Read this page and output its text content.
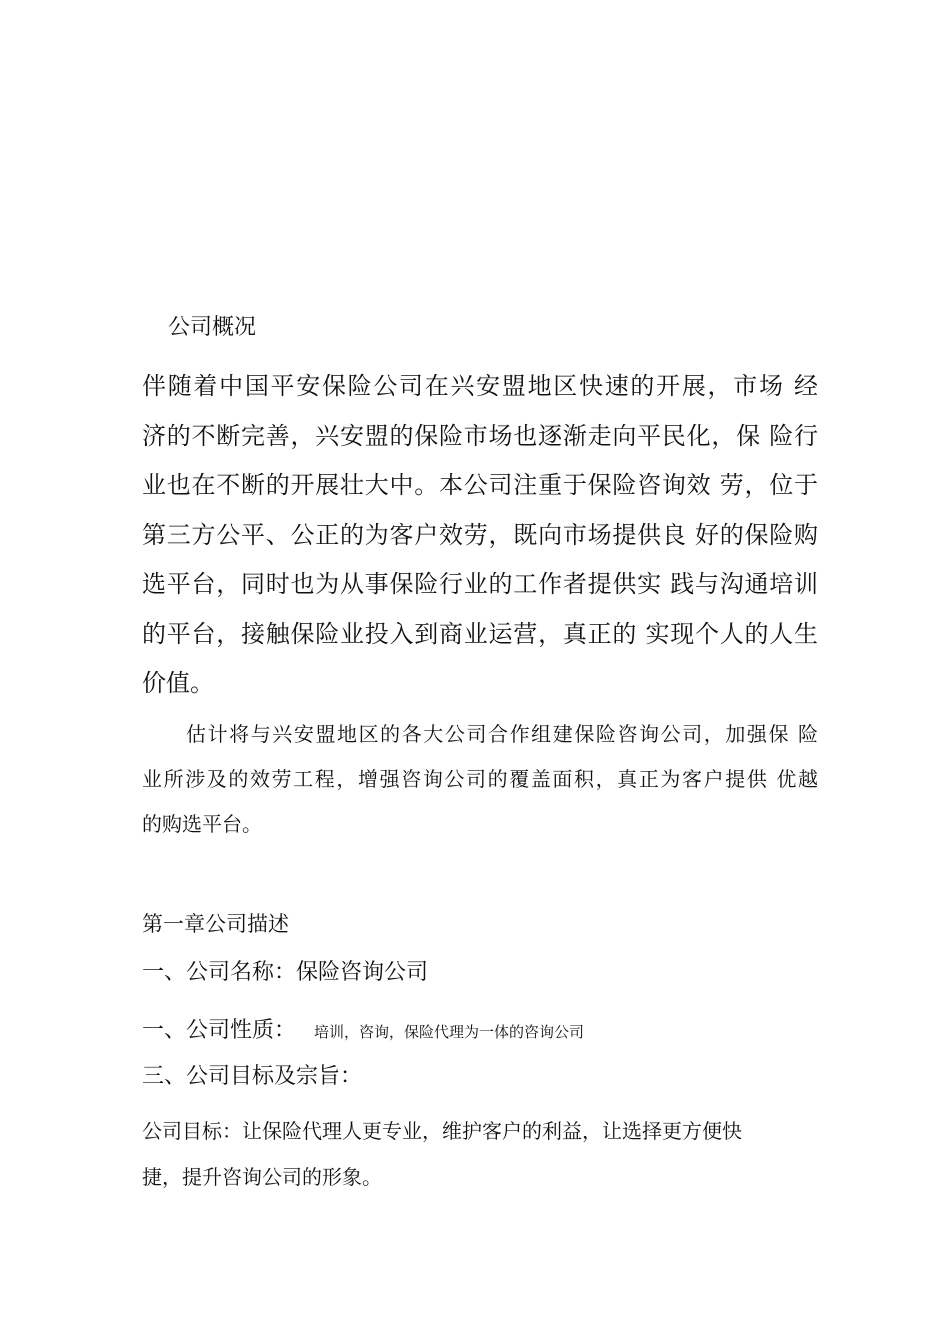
公司概况
伴随着中国平安保险公司在兴安盟地区快速的开展，市场 经
济的不断完善，兴安盟的保险市场也逐渐走向平民化，保 险行
业也在不断的开展壮大中。本公司注重于保险咨询效 劳，位于
第三方公平、公正的为客户效劳，既向市场提供良 好的保险购
选平台，同时也为从事保险行业的工作者提供实 践与沟通培训
的平台，接触保险业投入到商业运营，真正的 实现个人的人生
价值。
估计将与兴安盟地区的各大公司合作组建保险咨询公司，加强保 险
业所涉及的效劳工程，增强咨询公司的覆盖面积，真正为客户提供 优越
的购选平台。
第一章公司描述
一、公司名称：保险咨询公司
一、公司性质： 培训，咨询，保险代理为一体的咨询公司
三、公司目标及宗旨：
公司目标：让保险代理人更专业，维护客户的利益，让选择更方便快
捷，提升咨询公司的形象。
